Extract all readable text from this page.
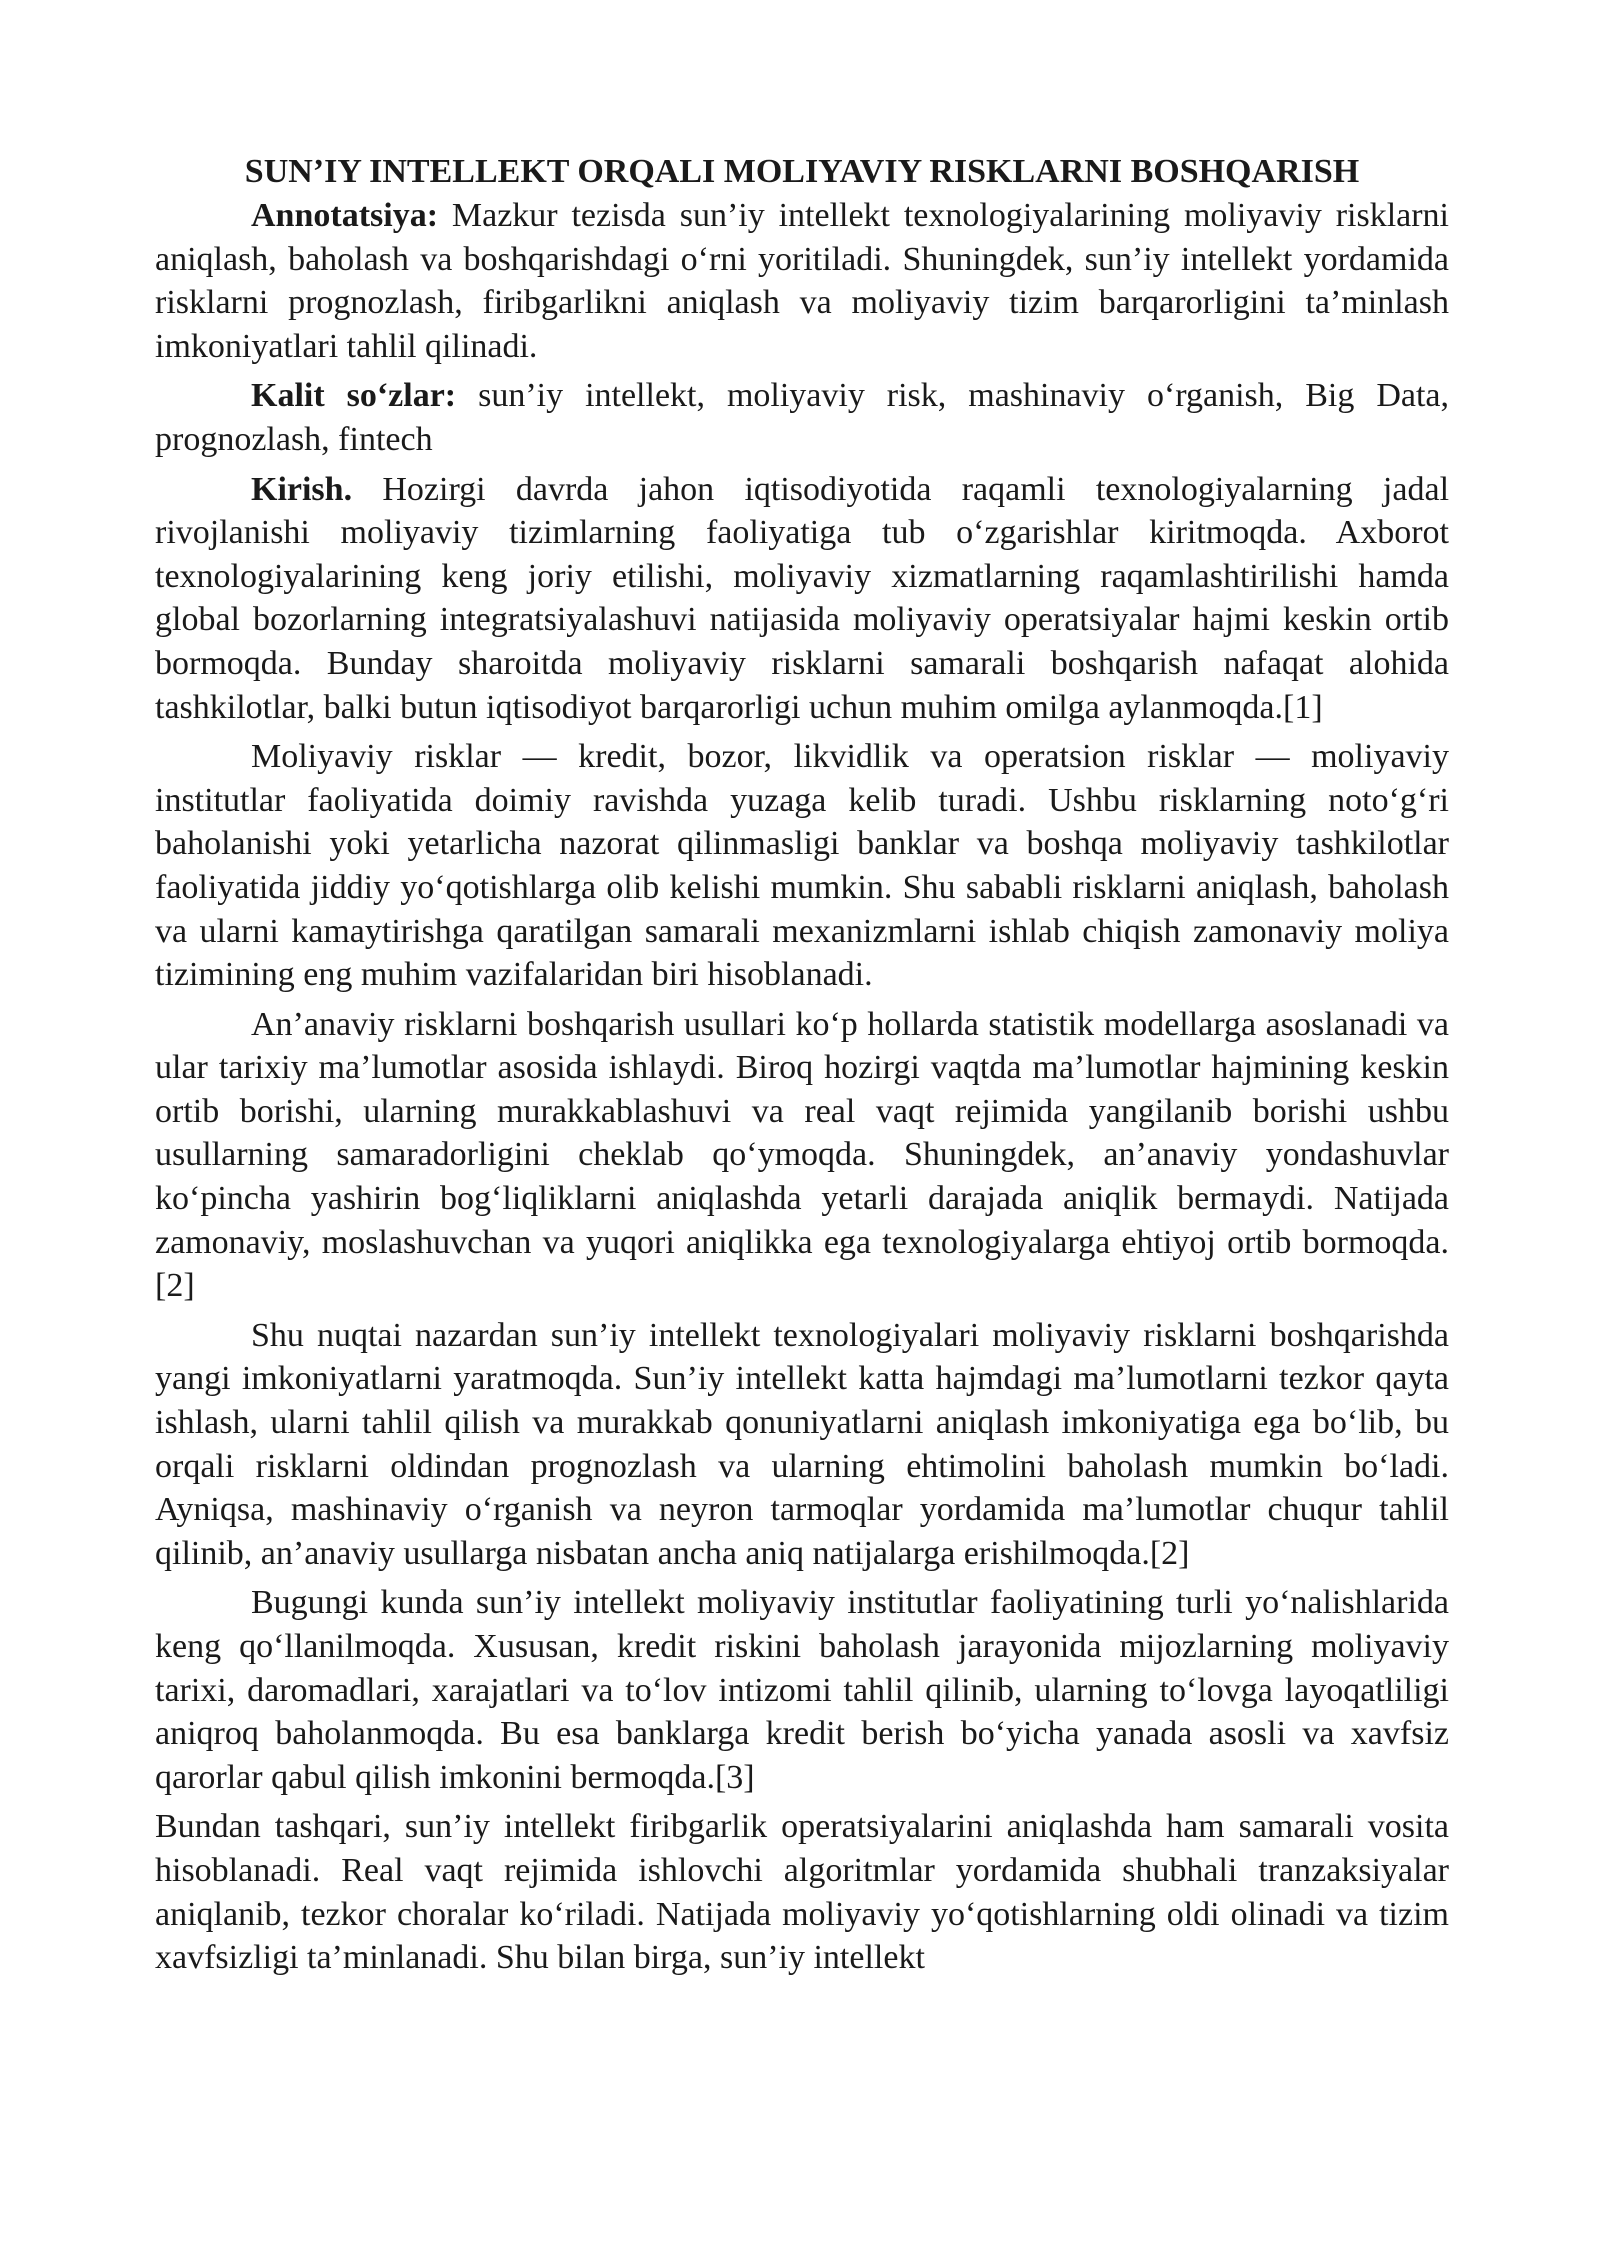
SUN’IY INTELLEKT ORQALI MOLIYAVIY RISKLARNI BOSHQARISH

Annotatsiya: Mazkur tezisda sun’iy intellekt texnologiyalarining moliyaviy risklarni aniqlash, baholash va boshqarishdagi o‘rni yoritiladi. Shuningdek, sun’iy intellekt yordamida risklarni prognozlash, firibgarlikni aniqlash va moliyaviy tizim barqarorligini ta’minlash imkoniyatlari tahlil qilinadi.

Kalit so‘zlar: sun’iy intellekt, moliyaviy risk, mashinaviy o‘rganish, Big Data, prognozlash, fintech

Kirish. Hozirgi davrda jahon iqtisodiyotida raqamli texnologiyalarning jadal rivojlanishi moliyaviy tizimlarning faoliyatiga tub o‘zgarishlar kiritmoqda. Axborot texnologiyalarining keng joriy etilishi, moliyaviy xizmatlarning raqamlashtirilishi hamda global bozorlarning integratsiyalashuvi natijasida moliyaviy operatsiyalar hajmi keskin ortib bormoqda. Bunday sharoitda moliyaviy risklarni samarali boshqarish nafaqat alohida tashkilotlar, balki butun iqtisodiyot barqarorligi uchun muhim omilga aylanmoqda.[1]

Moliyaviy risklar — kredit, bozor, likvidlik va operatsion risklar — moliyaviy institutlar faoliyatida doimiy ravishda yuzaga kelib turadi. Ushbu risklarning noto‘g‘ri baholanishi yoki yetarlicha nazorat qilinmasligi banklar va boshqa moliyaviy tashkilotlar faoliyatida jiddiy yo‘qotishlarga olib kelishi mumkin. Shu sababli risklarni aniqlash, baholash va ularni kamaytirishga qaratilgan samarali mexanizmlarni ishlab chiqish zamonaviy moliya tizimining eng muhim vazifalaridan biri hisoblanadi.

An’anaviy risklarni boshqarish usullari ko‘p hollarda statistik modellarga asoslanadi va ular tarixiy ma’lumotlar asosida ishlaydi. Biroq hozirgi vaqtda ma’lumotlar hajmining keskin ortib borishi, ularning murakkablashuvi va real vaqt rejimida yangilanib borishi ushbu usullarning samaradorligini cheklab qo‘ymoqda. Shuningdek, an’anaviy yondashuvlar ko‘pincha yashirin bog‘liqliklarni aniqlashda yetarli darajada aniqlik bermaydi. Natijada zamonaviy, moslashuvchan va yuqori aniqlikka ega texnologiyalarga ehtiyoj ortib bormoqda.[2]

Shu nuqtai nazardan sun’iy intellekt texnologiyalari moliyaviy risklarni boshqarishda yangi imkoniyatlarni yaratmoqda. Sun’iy intellekt katta hajmdagi ma’lumotlarni tezkor qayta ishlash, ularni tahlil qilish va murakkab qonuniyatlarni aniqlash imkoniyatiga ega bo‘lib, bu orqali risklarni oldindan prognozlash va ularning ehtimolini baholash mumkin bo‘ladi. Ayniqsa, mashinaviy o‘rganish va neyron tarmoqlar yordamida ma’lumotlar chuqur tahlil qilinib, an’anaviy usullarga nisbatan ancha aniq natijalarga erishilmoqda.[2]

Bugungi kunda sun’iy intellekt moliyaviy institutlar faoliyatining turli yo‘nalishlarida keng qo‘llanilmoqda. Xususan, kredit riskini baholash jarayonida mijozlarning moliyaviy tarixi, daromadlari, xarajatlari va to‘lov intizomi tahlil qilinib, ularning to‘lovga layoqatliligi aniqroq baholanmoqda. Bu esa banklarga kredit berish bo‘yicha yanada asosli va xavfsiz qarorlar qabul qilish imkonini bermoqda.[3]

Bundan tashqari, sun’iy intellekt firibgarlik operatsiyalarini aniqlashda ham samarali vosita hisoblanadi. Real vaqt rejimida ishlovchi algoritmlar yordamida shubhali tranzaksiyalar aniqlanib, tezkor choralar ko‘riladi. Natijada moliyaviy yo‘qotishlarning oldi olinadi va tizim xavfsizligi ta’minlanadi. Shu bilan birga, sun’iy intellekt
